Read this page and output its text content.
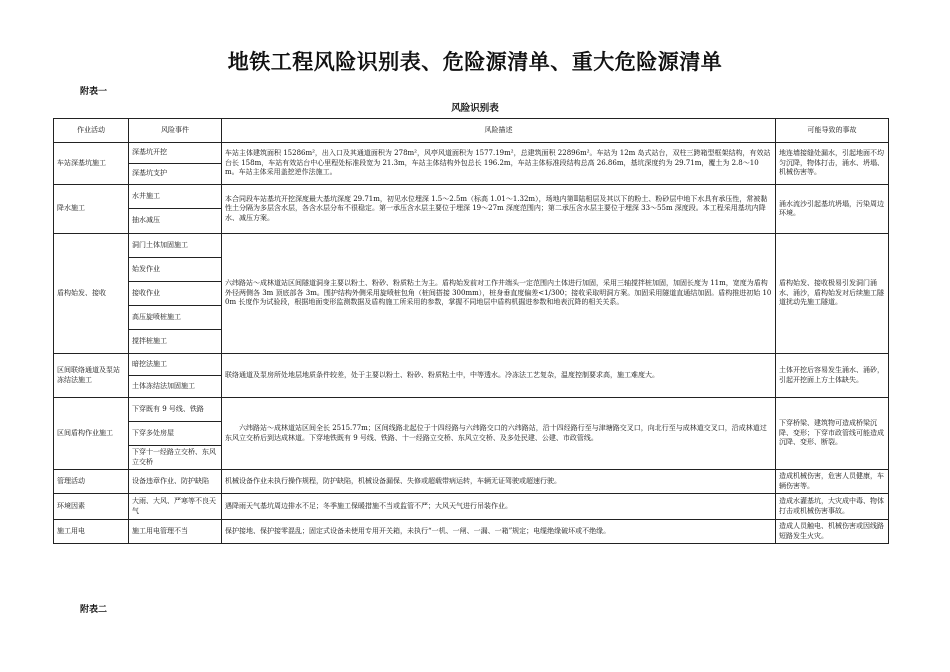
地铁工程风险识别表、危险源清单、重大危险源清单
附表一
风险识别表
作业活动	风险事件	风险描述	可能导致的事故
车站深基坑施工	深基坑开挖	车站主体建筑面积 15286m²，出入口及其通道面积为 278m²，风亭风道面积为 1577.19m²，总建筑面积 22896m²。车站为 12m 岛式站台，双柱三跨箱型框架结构，有效站台长 158m，车站有效站台中心里程处标准段宽为 21.3m，车站主体结构外包总长 196.2m，车站主体标准段结构总高 26.86m，基坑深度约为 29.71m，覆土为 2.8～10m。车站主体采用盖挖逆作法施工。	地连墙接缝处漏水，引起地面不均匀沉降，物体打击，涌水、坍塌、机械伤害等。
	深基坑支护		
降水施工	水井施工	本合同段车站基坑开挖深度最大基坑深度 29.71m，初见水位埋深 1.5～2.5m（标高 1.01～1.32m），场地内第Ⅱ陆相层及其以下的粉土、粉砂层中地下水具有承压性，常被黏性土分隔为多层含水层，各含水层分布不很稳定。第一承压含水层主要位于埋深 19～27m 深度范围内；第二承压含水层主要位于埋深 33～55m 深度段。本工程采用基坑内降水、减压方案。	涌水流沙引起基坑坍塌，污染周边环境。
	抽水减压		
盾构始发、接收	洞门土体加固施工	六纬路站～成林道站区间隧道洞身主要以粉土、粉砂、粉质粘土为主。盾构始发前对工作井端头一定范围内土体进行加固，采用三轴搅拌桩加固，加固长度为 11m，宽度为盾构外径两侧各 3m 顶底部各 3m。围护结构外侧采用旋喷桩包角（桩间搭接 300mm），桩身垂直度偏差<1/300；接收采取明洞方案。加固采用隧道直通结加固。盾构推进初始 100m 长度作为试验段，根据地面变形监测数据及盾构施工所采用的参数，掌握不同地层中盾构机掘进参数和地表沉降的相关关系。	盾构始发、接收极易引发洞门涌水、涌沙，盾构始发对后续施工隧道扰动先施工隧道。
	始发作业		
	接收作业		
	高压旋喷桩施工		
	搅拌桩施工		
区间联络通道及泵站冻结法施工	暗挖法施工	联络通道及泵房所处地层地质条件较差，处于主要以粉土、粉砂、粉质粘土中，中等透水。冷冻法工艺复杂，温度控制要求高，施工难度大。	土体开挖后容易发生涌水、涌砂，引起开挖面上方土体缺失。
	土体冻结法加固施工		
区间盾构作业施工	下穿既有 9 号线、铁路	六纬路站～成林道站区间全长 2515.77m；区间线路北起位于十四经路与六纬路交口的六纬路站，沿十四经路行至与津塘路交叉口，向北行至与成林道交叉口，沿成林道过东风立交桥后到达成林道。下穿地铁既有 9 号线、铁路、十一经路立交桥、东风立交桥、及多处民建、公建、市政管线。	下穿桥梁、建筑物可造成桥梁沉降、变形；下穿市政管线可能造成沉降、变形、断裂。
	下穿多处房屋		
	下穿十一经路立交桥、东风立交桥		
管理活动	设备违章作业、防护缺陷	机械设备作业未执行操作规程，防护缺陷，机械设备漏保、失修或超载带病运转，车辆无证驾驶或超速行驶。	造成机械伤害，危害人员健康，车辆伤害等。
环境因素	大雨、大风、严寒等不良天气	遇降雨天气基坑周边排水不足；冬季施工保暖措施不当或监管不严；大风天气进行吊装作业。	造成水灌基坑，大灾成中毒、物体打击或机械伤害事故。
施工用电	施工用电管理不当	保护接地、保护接零混乱；固定式设备未使用专用开关箱，未执行“一机、一闸、一漏、一箱”规定；电缆绝缘破坏或不绝缘。	造成人员触电、机械伤害或因线路短路发生火灾。
附表二
